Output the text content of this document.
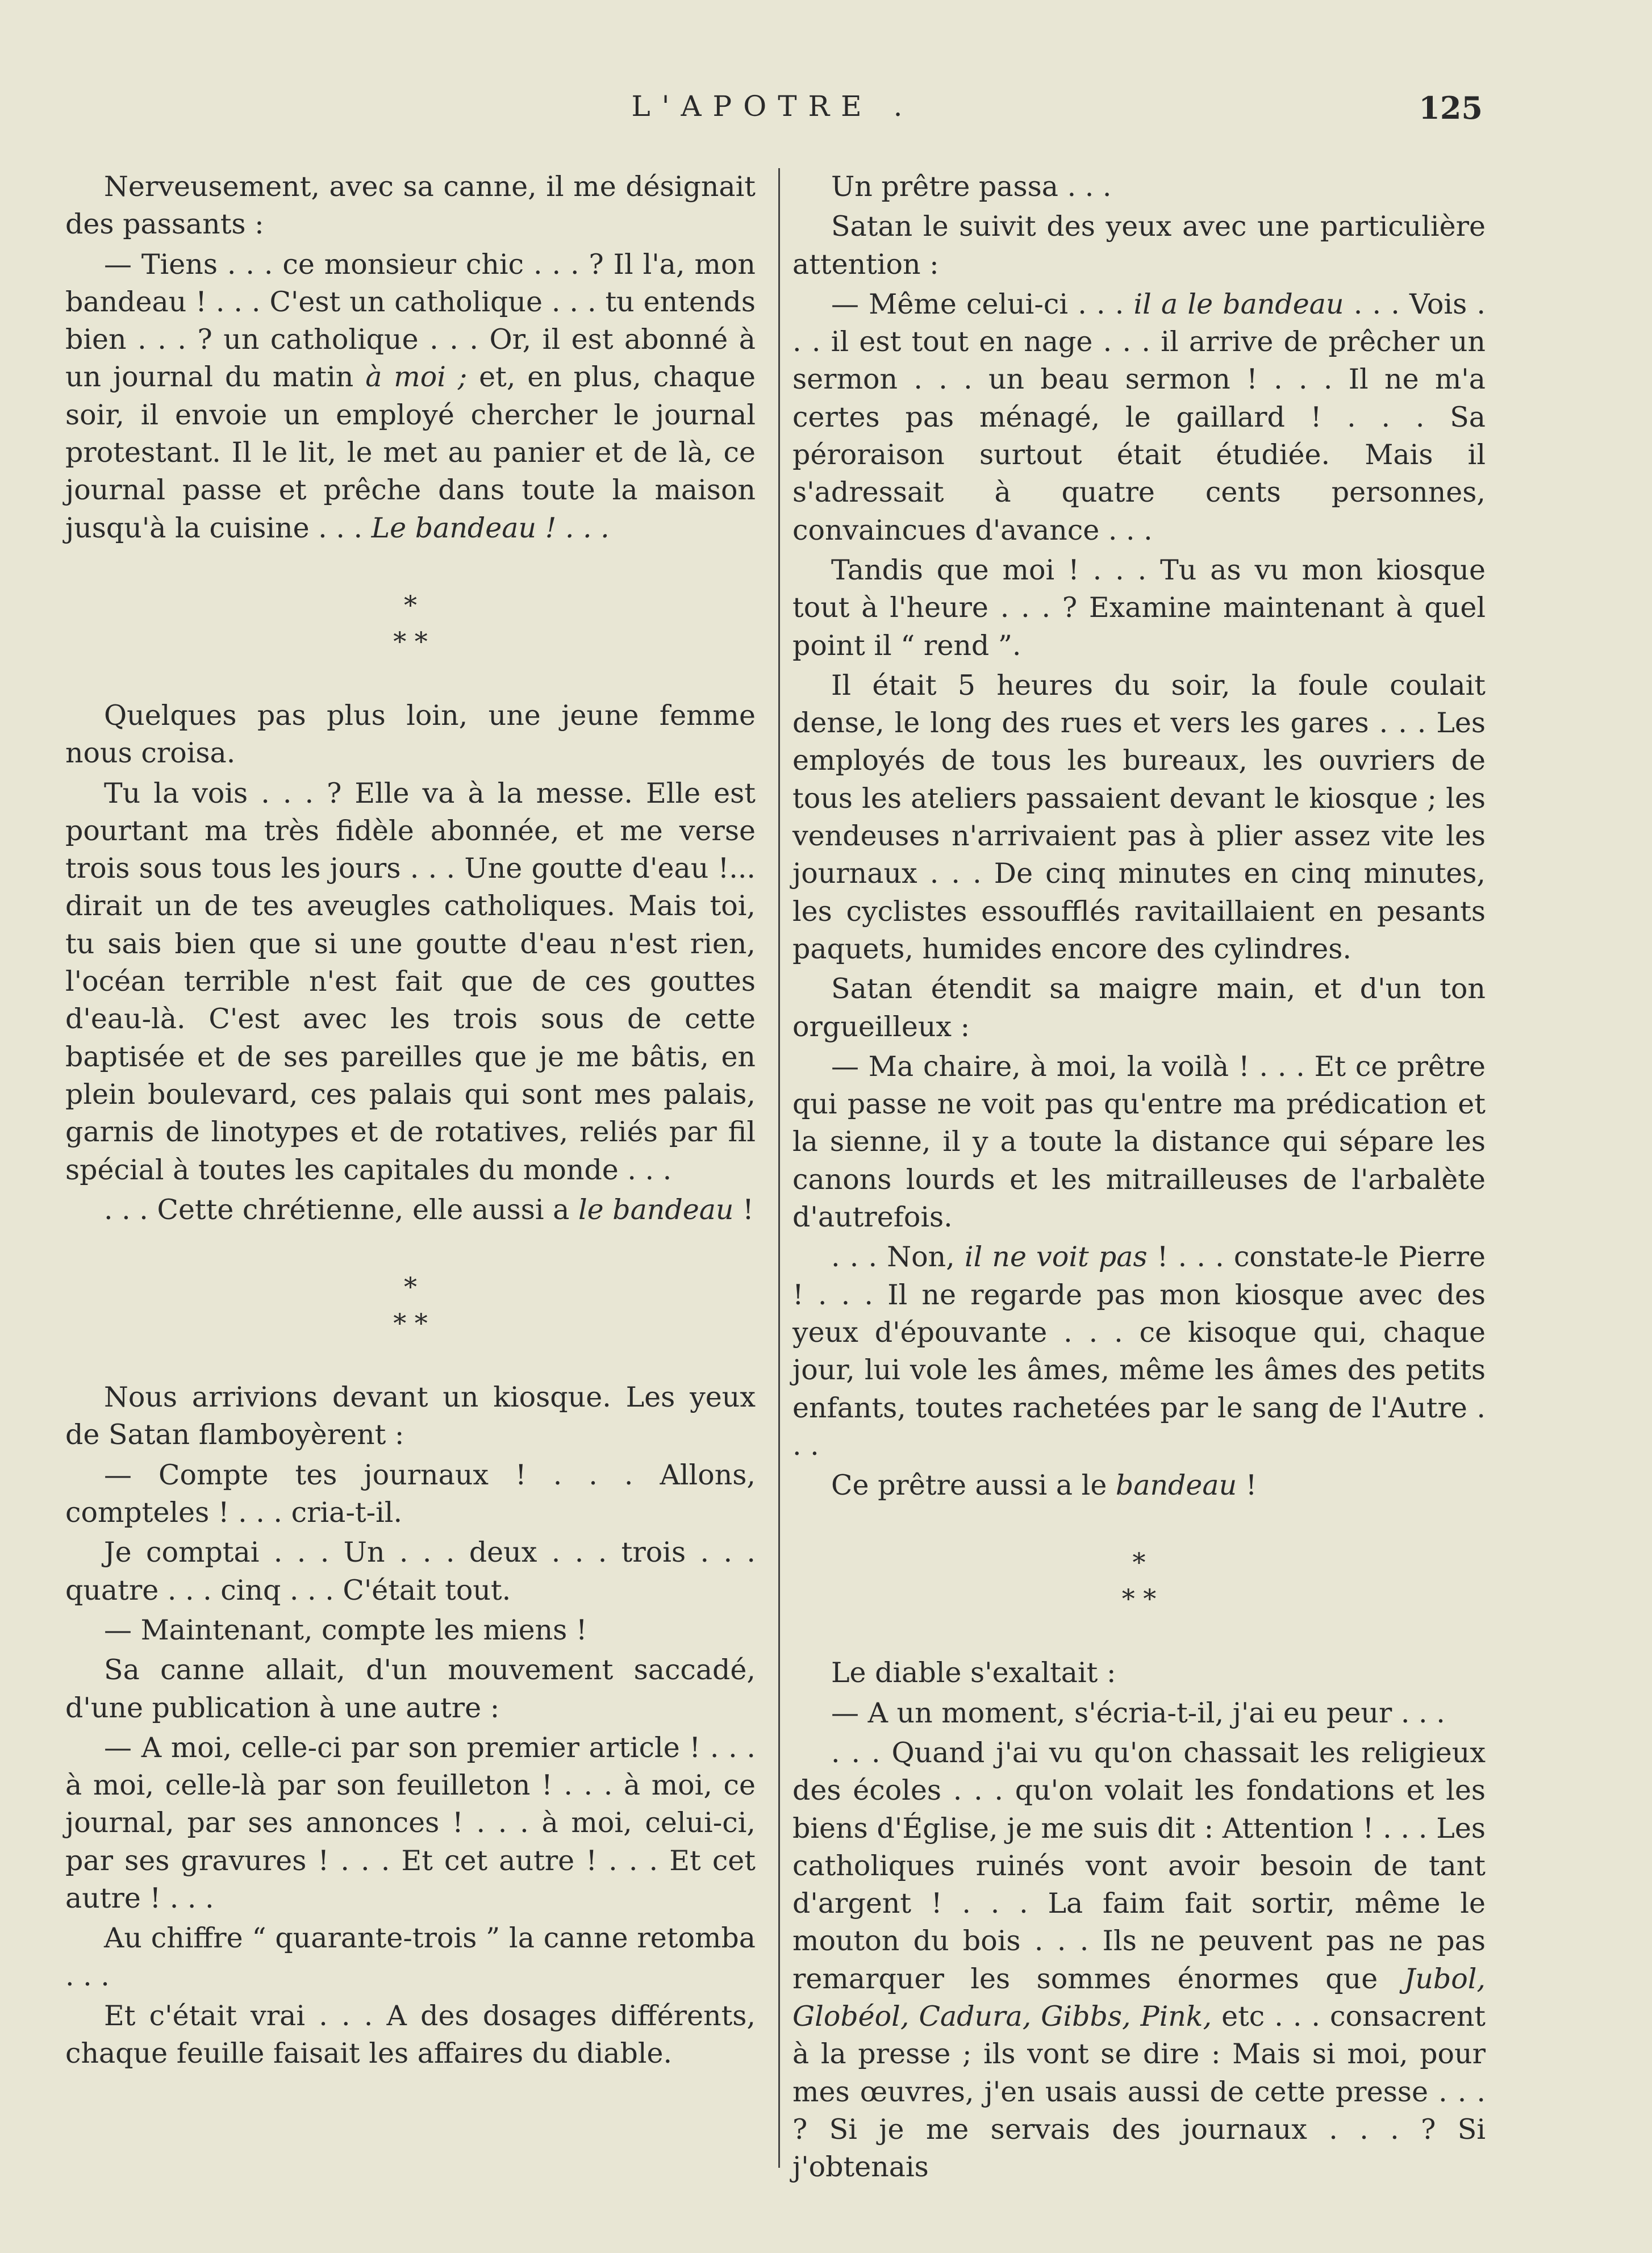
L'APOTRE .	125

Nerveusement, avec sa canne, il me désignait des passants :

— Tiens . . . ce monsieur chic . . . ? Il l'a, mon bandeau ! . . . C'est un catholique . . . tu entends bien . . . ? un catholique . . . Or, il est abonné à un journal du matin à moi ; et, en plus, chaque soir, il envoie un employé chercher le journal protestant. Il le lit, le met au panier et de là, ce journal passe et prêche dans toute la maison jusqu'à la cuisine . . . Le bandeau ! . . .

*
* *

Quelques pas plus loin, une jeune femme nous croisa.

Tu la vois . . . ? Elle va à la messe. Elle est pourtant ma très fidèle abonnée, et me verse trois sous tous les jours . . . Une goutte d'eau !... dirait un de tes aveugles catholiques. Mais toi, tu sais bien que si une goutte d'eau n'est rien, l'océan terrible n'est fait que de ces gouttes d'eau-là. C'est avec les trois sous de cette baptisée et de ses pareilles que je me bâtis, en plein boulevard, ces palais qui sont mes palais, garnis de linotypes et de rotatives, reliés par fil spécial à toutes les capitales du monde . . .

. . . Cette chrétienne, elle aussi a le bandeau !

*
* *

Nous arrivions devant un kiosque. Les yeux de Satan flamboyèrent :

— Compte tes journaux ! . . . Allons, compteles ! . . . cria-t-il.

Je comptai . . . Un . . . deux . . . trois . . . quatre . . . cinq . . . C'était tout.

— Maintenant, compte les miens !

Sa canne allait, d'un mouvement saccadé, d'une publication à une autre :

— A moi, celle-ci par son premier article ! . . . à moi, celle-là par son feuilleton ! . . . à moi, ce journal, par ses annonces ! . . . à moi, celui-ci, par ses gravures ! . . . Et cet autre ! . . . Et cet autre ! . . .

Au chiffre “ quarante-trois ” la canne retomba . . .

Et c'était vrai . . . A des dosages différents, chaque feuille faisait les affaires du diable.

Un prêtre passa . . .

Satan le suivit des yeux avec une particulière attention :

— Même celui-ci . . . il a le bandeau . . . Vois . . . il est tout en nage . . . il arrive de prêcher un sermon . . . un beau sermon ! . . . Il ne m'a certes pas ménagé, le gaillard ! . . . Sa péroraison surtout était étudiée. Mais il s'adressait à quatre cents personnes, convaincues d'avance . . .

Tandis que moi ! . . . Tu as vu mon kiosque tout à l'heure . . . ? Examine maintenant à quel point il “ rend ”.

Il était 5 heures du soir, la foule coulait dense, le long des rues et vers les gares . . . Les employés de tous les bureaux, les ouvriers de tous les ateliers passaient devant le kiosque ; les vendeuses n'arrivaient pas à plier assez vite les journaux . . . De cinq minutes en cinq minutes, les cyclistes essoufflés ravitaillaient en pesants paquets, humides encore des cylindres.

Satan étendit sa maigre main, et d'un ton orgueilleux :

— Ma chaire, à moi, la voilà ! . . . Et ce prêtre qui passe ne voit pas qu'entre ma prédication et la sienne, il y a toute la distance qui sépare les canons lourds et les mitrailleuses de l'arbalète d'autrefois.

. . . Non, il ne voit pas ! . . . constate-le Pierre ! . . . Il ne regarde pas mon kiosque avec des yeux d'épouvante . . . ce kisoque qui, chaque jour, lui vole les âmes, même les âmes des petits enfants, toutes rachetées par le sang de l'Autre . . .

Ce prêtre aussi a le bandeau !

*
* *

Le diable s'exaltait :

— A un moment, s'écria-t-il, j'ai eu peur . . .

. . . Quand j'ai vu qu'on chassait les religieux des écoles . . . qu'on volait les fondations et les biens d'Église, je me suis dit : Attention ! . . . Les catholiques ruinés vont avoir besoin de tant d'argent ! . . . La faim fait sortir, même le mouton du bois . . . Ils ne peuvent pas ne pas remarquer les sommes énormes que Jubol, Globéol, Cadura, Gibbs, Pink, etc . . . consacrent à la presse ; ils vont se dire : Mais si moi, pour mes œuvres, j'en usais aussi de cette presse . . . ? Si je me servais des journaux . . . ? Si j'obtenais
